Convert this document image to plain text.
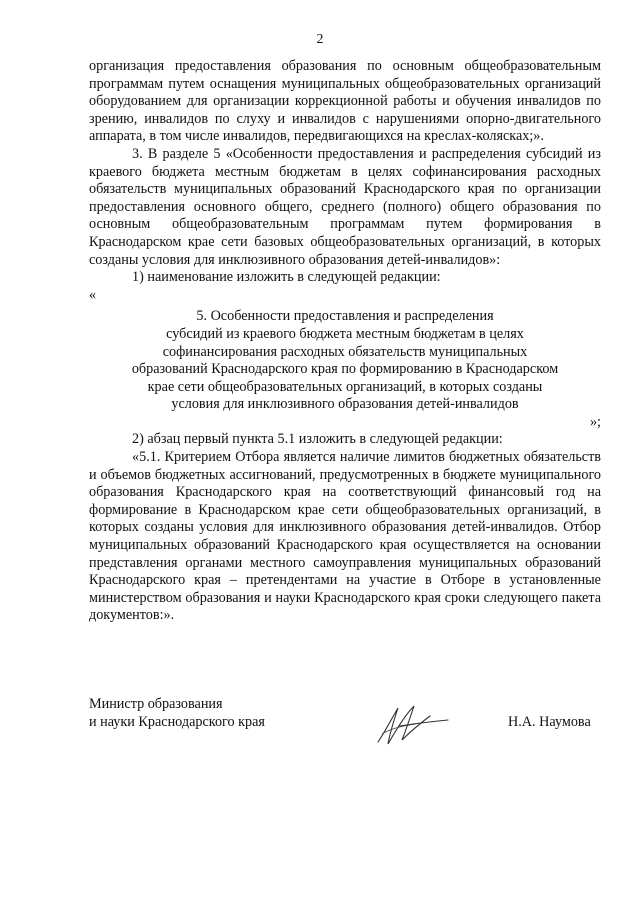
2

организация предоставления образования по основным общеобразовательным программам путем оснащения муниципальных общеобразовательных организаций оборудованием для организации коррекционной работы и обучения инвалидов по зрению, инвалидов по слуху и инвалидов с нарушениями опорно-двигательного аппарата, в том числе инвалидов, передвигающихся на креслах-колясках;».

3. В разделе 5 «Особенности предоставления и распределения субсидий из краевого бюджета местным бюджетам в целях софинансирования расходных обязательств муниципальных образований Краснодарского края по организации предоставления основного общего, среднего (полного) общего образования по основным общеобразовательным программам путем формирования в Краснодарском крае сети базовых общеобразовательных организаций, в которых созданы условия для инклюзивного образования детей-инвалидов»:

1) наименование изложить в следующей редакции:

«

5. Особенности предоставления и распределения
субсидий из краевого бюджета местным бюджетам в целях
софинансирования расходных обязательств муниципальных
образований Краснодарского края по формированию в Краснодарском
крае сети общеобразовательных организаций, в которых созданы
условия для инклюзивного образования детей-инвалидов

»;

2) абзац первый пункта 5.1 изложить в следующей редакции:

«5.1. Критерием Отбора является наличие лимитов бюджетных обязательств и объемов бюджетных ассигнований, предусмотренных в бюджете муниципального образования Краснодарского края на соответствующий финансовый год на формирование в Краснодарском крае сети общеобразовательных организаций, в которых созданы условия для инклюзивного образования детей-инвалидов. Отбор муниципальных образований Краснодарского края осуществляется на основании представления органами местного самоуправления муниципальных образований Краснодарского края – претендентами на участие в Отборе в установленные министерством образования и науки Краснодарского края сроки следующего пакета документов:».

Министр образования
и науки Краснодарского края	Н.А. Наумова
